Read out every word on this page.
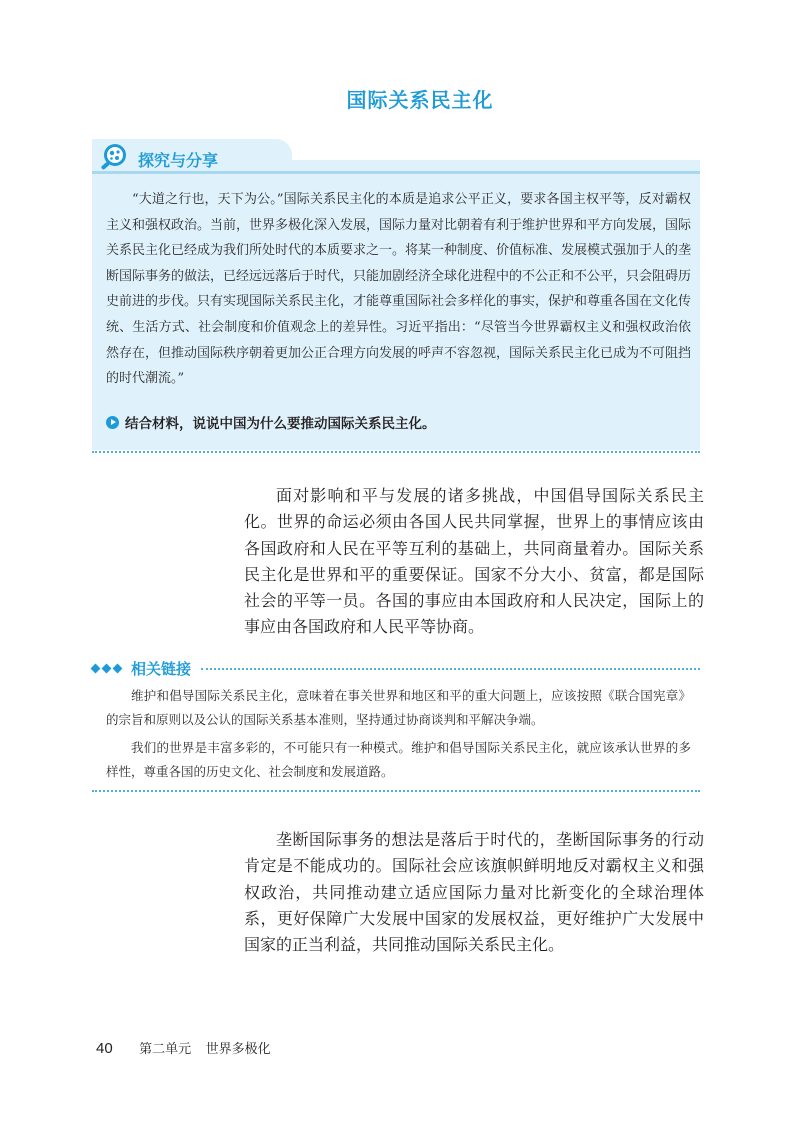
国际关系民主化
探究与分享
“大道之行也，天下为公。”国际关系民主化的本质是追求公平正义，要求各国主权平等，反对霸权主义和强权政治。当前，世界多极化深入发展，国际力量对比朝着有利于维护世界和平方向发展，国际关系民主化已经成为我们所处时代的本质要求之一。将某一种制度、价值标准、发展模式强加于人的垄断国际事务的做法，已经远远落后于时代，只能加剧经济全球化进程中的不公正和不公平，只会阻碍历史前进的步伐。只有实现国际关系民主化，才能尊重国际社会多样化的事实，保护和尊重各国在文化传统、生活方式、社会制度和价值观念上的差异性。习近平指出：“尽管当今世界霸权主义和强权政治依然存在，但推动国际秩序朝着更加公正合理方向发展的呼声不容忽视，国际关系民主化已成为不可阻挡的时代潮流。”
结合材料，说说中国为什么要推动国际关系民主化。
面对影响和平与发展的诸多挑战，中国倡导国际关系民主化。世界的命运必须由各国人民共同掌握，世界上的事情应该由各国政府和人民在平等互利的基础上，共同商量着办。国际关系民主化是世界和平的重要保证。国家不分大小、贫富，都是国际社会的平等一员。各国的事应由本国政府和人民决定，国际上的事应由各国政府和人民平等协商。
相关链接
维护和倡导国际关系民主化，意味着在事关世界和地区和平的重大问题上，应该按照《联合国宪章》的宗旨和原则以及公认的国际关系基本准则，坚持通过协商谈判和平解决争端。
我们的世界是丰富多彩的，不可能只有一种模式。维护和倡导国际关系民主化，就应该承认世界的多样性，尊重各国的历史文化、社会制度和发展道路。
垄断国际事务的想法是落后于时代的，垄断国际事务的行动肯定是不能成功的。国际社会应该旗帜鲜明地反对霸权主义和强权政治，共同推动建立适应国际力量对比新变化的全球治理体系，更好保障广大发展中国家的发展权益，更好维护广大发展中国家的正当利益，共同推动国际关系民主化。
40 第二单元 世界多极化
